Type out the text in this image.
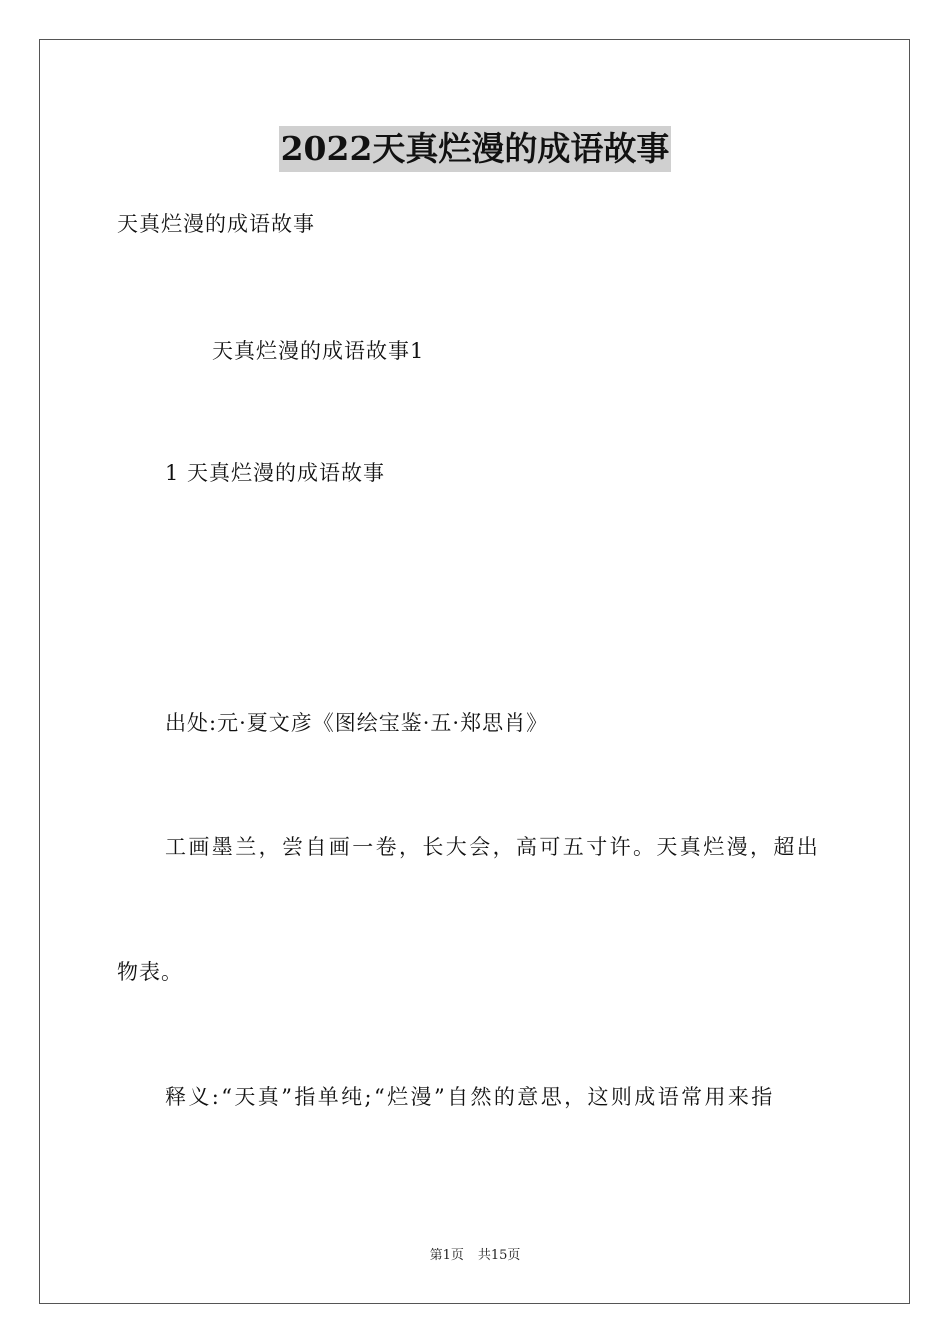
2022天真烂漫的成语故事
天真烂漫的成语故事
天真烂漫的成语故事1
1 天真烂漫的成语故事
出处:元·夏文彦《图绘宝鉴·五·郑思肖》
工画墨兰，尝自画一卷，长大会，高可五寸许。天真烂漫，超出
物表。
释义:“天真”指单纯;“烂漫”自然的意思，这则成语常用来指
第1页 共15页
